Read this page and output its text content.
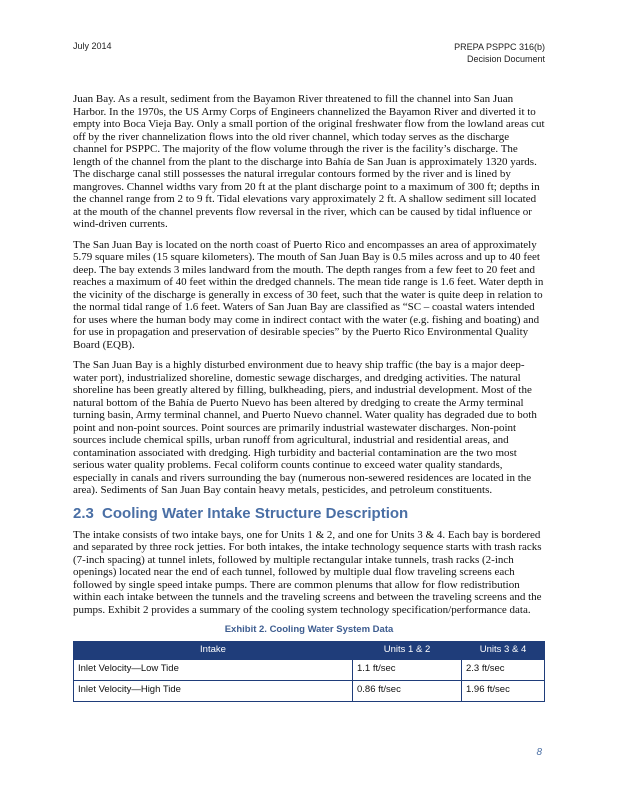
July 2014	PREPA PSPPC 316(b)
Decision Document

Juan Bay. As a result, sediment from the Bayamon River threatened to fill the channel into San Juan Harbor. In the 1970s, the US Army Corps of Engineers channelized the Bayamon River and diverted it to empty into Boca Vieja Bay. Only a small portion of the original freshwater flow from the lowland areas cut off by the river channelization flows into the old river channel, which today serves as the discharge channel for PSPPC. The majority of the flow volume through the river is the facility’s discharge. The length of the channel from the plant to the discharge into Bahía de San Juan is approximately 1320 yards. The discharge canal still possesses the natural irregular contours formed by the river and is lined by mangroves. Channel widths vary from 20 ft at the plant discharge point to a maximum of 300 ft; depths in the channel range from 2 to 9 ft. Tidal elevations vary approximately 2 ft. A shallow sediment sill located at the mouth of the channel prevents flow reversal in the river, which can be caused by tidal influence or wind-driven currents.

The San Juan Bay is located on the north coast of Puerto Rico and encompasses an area of approximately 5.79 square miles (15 square kilometers). The mouth of San Juan Bay is 0.5 miles across and up to 40 feet deep. The bay extends 3 miles landward from the mouth. The depth ranges from a few feet to 20 feet and reaches a maximum of 40 feet within the dredged channels. The mean tide range is 1.6 feet. Water depth in the vicinity of the discharge is generally in excess of 30 feet, such that the water is quite deep in relation to the normal tidal range of 1.6 feet. Waters of San Juan Bay are classified as “SC – coastal waters intended for uses where the human body may come in indirect contact with the water (e.g. fishing and boating) and for use in propagation and preservation of desirable species” by the Puerto Rico Environmental Quality Board (EQB).

The San Juan Bay is a highly disturbed environment due to heavy ship traffic (the bay is a major deep-water port), industrialized shoreline, domestic sewage discharges, and dredging activities. The natural shoreline has been greatly altered by filling, bulkheading, piers, and industrial development. Most of the natural bottom of the Bahía de Puerto Nuevo has been altered by dredging to create the Army terminal turning basin, Army terminal channel, and Puerto Nuevo channel. Water quality has degraded due to both point and non-point sources. Point sources are primarily industrial wastewater discharges. Non-point sources include chemical spills, urban runoff from agricultural, industrial and residential areas, and contamination associated with dredging. High turbidity and bacterial contamination are the two most serious water quality problems. Fecal coliform counts continue to exceed water quality standards, especially in canals and rivers surrounding the bay (numerous non-sewered residences are located in the area). Sediments of San Juan Bay contain heavy metals, pesticides, and petroleum constituents.

2.3 Cooling Water Intake Structure Description

The intake consists of two intake bays, one for Units 1 & 2, and one for Units 3 & 4. Each bay is bordered and separated by three rock jetties. For both intakes, the intake technology sequence starts with trash racks (7-inch spacing) at tunnel inlets, followed by multiple rectangular intake tunnels, trash racks (2-inch openings) located near the end of each tunnel, followed by multiple dual flow traveling screens each followed by single speed intake pumps. There are common plenums that allow for flow redistribution within each intake between the tunnels and the traveling screens and between the traveling screens and the pumps. Exhibit 2 provides a summary of the cooling system technology specification/performance data.

Exhibit 2. Cooling Water System Data
Intake	Units 1 & 2	Units 3 & 4
Inlet Velocity—Low Tide	1.1 ft/sec	2.3 ft/sec
Inlet Velocity—High Tide	0.86 ft/sec	1.96 ft/sec
8
